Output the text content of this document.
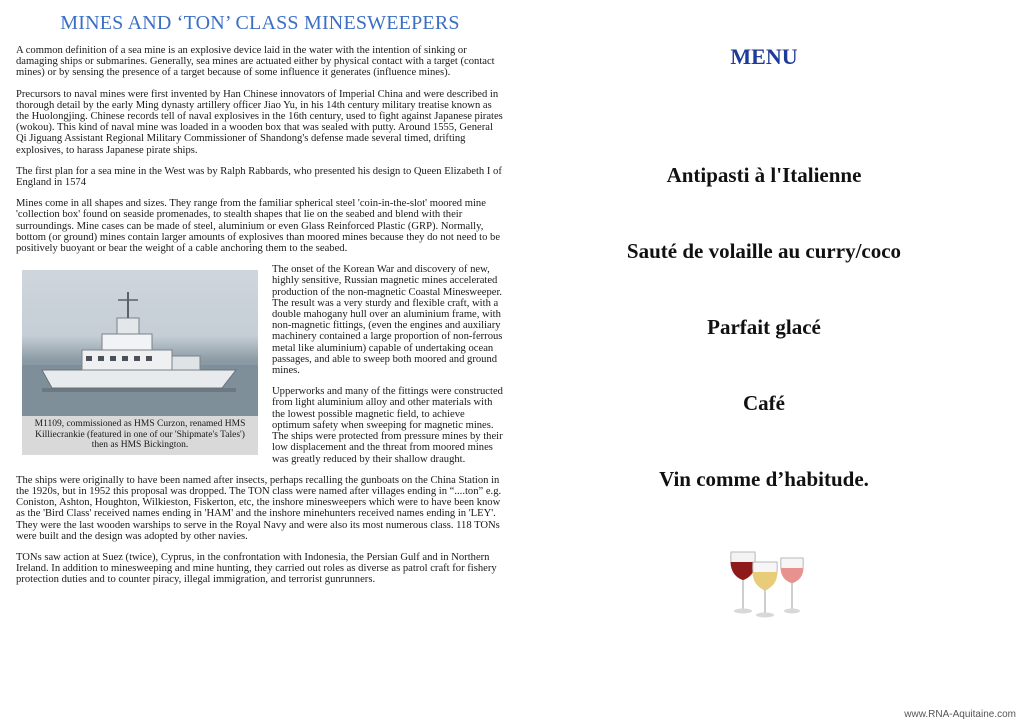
MINES AND ‘TON’ CLASS MINESWEEPERS

A common definition of a sea mine is an explosive device laid in the water with the intention of sinking or damaging ships or submarines. Generally, sea mines are actuated either by physical contact with a target (contact mines) or by sensing the presence of a target because of some influence it generates (influence mines).

Precursors to naval mines were first invented by Han Chinese innovators of Imperial China and were described in thorough detail by the early Ming dynasty artillery officer Jiao Yu, in his 14th century military treatise known as the Huolongjing. Chinese records tell of naval explosives in the 16th century, used to fight against Japanese pirates (wokou). This kind of naval mine was loaded in a wooden box that was sealed with putty. Around 1555, General Qi Jiguang Assistant Regional Military Commissioner of Shandong's defense made several timed, drifting explosives, to harass Japanese pirate ships.

The first plan for a sea mine in the West was by Ralph Rabbards, who presented his design to Queen Elizabeth I of England in 1574

Mines come in all shapes and sizes. They range from the familiar spherical steel 'coin-in-the-slot' moored mine 'collection box' found on seaside promenades, to stealth shapes that lie on the seabed and blend with their surroundings. Mine cases can be made of steel, aluminium or even Glass Reinforced Plastic (GRP). Normally, bottom (or ground) mines contain larger amounts of explosives than moored mines because they do not need to be positively buoyant or bear the weight of a cable anchoring them to the seabed.

M1109, commissioned as HMS Curzon, renamed HMS Killiecrankie (featured in one of our 'Shipmate's Tales') then as HMS Bickington.

The onset of the Korean War and discovery of new, highly sensitive, Russian magnetic mines accelerated production of the non-magnetic Coastal Minesweeper. The result was a very sturdy and flexible craft, with a double mahogany hull over an aluminium frame, with non-magnetic fittings, (even the engines and auxiliary machinery contained a large proportion of non-ferrous metal like aluminium) capable of undertaking ocean passages, and able to sweep both moored and ground mines.

Upperworks and many of the fittings were constructed from light aluminium alloy and other materials with the lowest possible magnetic field, to achieve optimum safety when sweeping for magnetic mines. The ships were protected from pressure mines by their low displacement and the threat from moored mines was greatly reduced by their shallow draught.

The ships were originally to have been named after insects, perhaps recalling the gunboats on the China Station in the 1920s, but in 1952 this proposal was dropped. The TON class were named after villages ending in “....ton” e.g. Coniston, Ashton, Houghton, Wilkieston, Fiskerton, etc, the inshore minesweepers which were to have been know as the 'Bird Class' received names ending in 'HAM' and the inshore minehunters received names ending in 'LEY'. They were the last wooden warships to serve in the Royal Navy and were also its most numerous class. 118 TONs were built and the design was adopted by other navies.

TONs saw action at Suez (twice), Cyprus, in the confrontation with Indonesia, the Persian Gulf and in Northern Ireland. In addition to minesweeping and mine hunting, they carried out roles as diverse as patrol craft for fishery protection duties and to counter piracy, illegal immigration, and terrorist gunrunners.

MENU
Antipasti à l'Italienne
Sauté de volaille au curry/coco
Parfait glacé
Café
Vin comme d’habitude.
www.RNA-Aquitaine.com
